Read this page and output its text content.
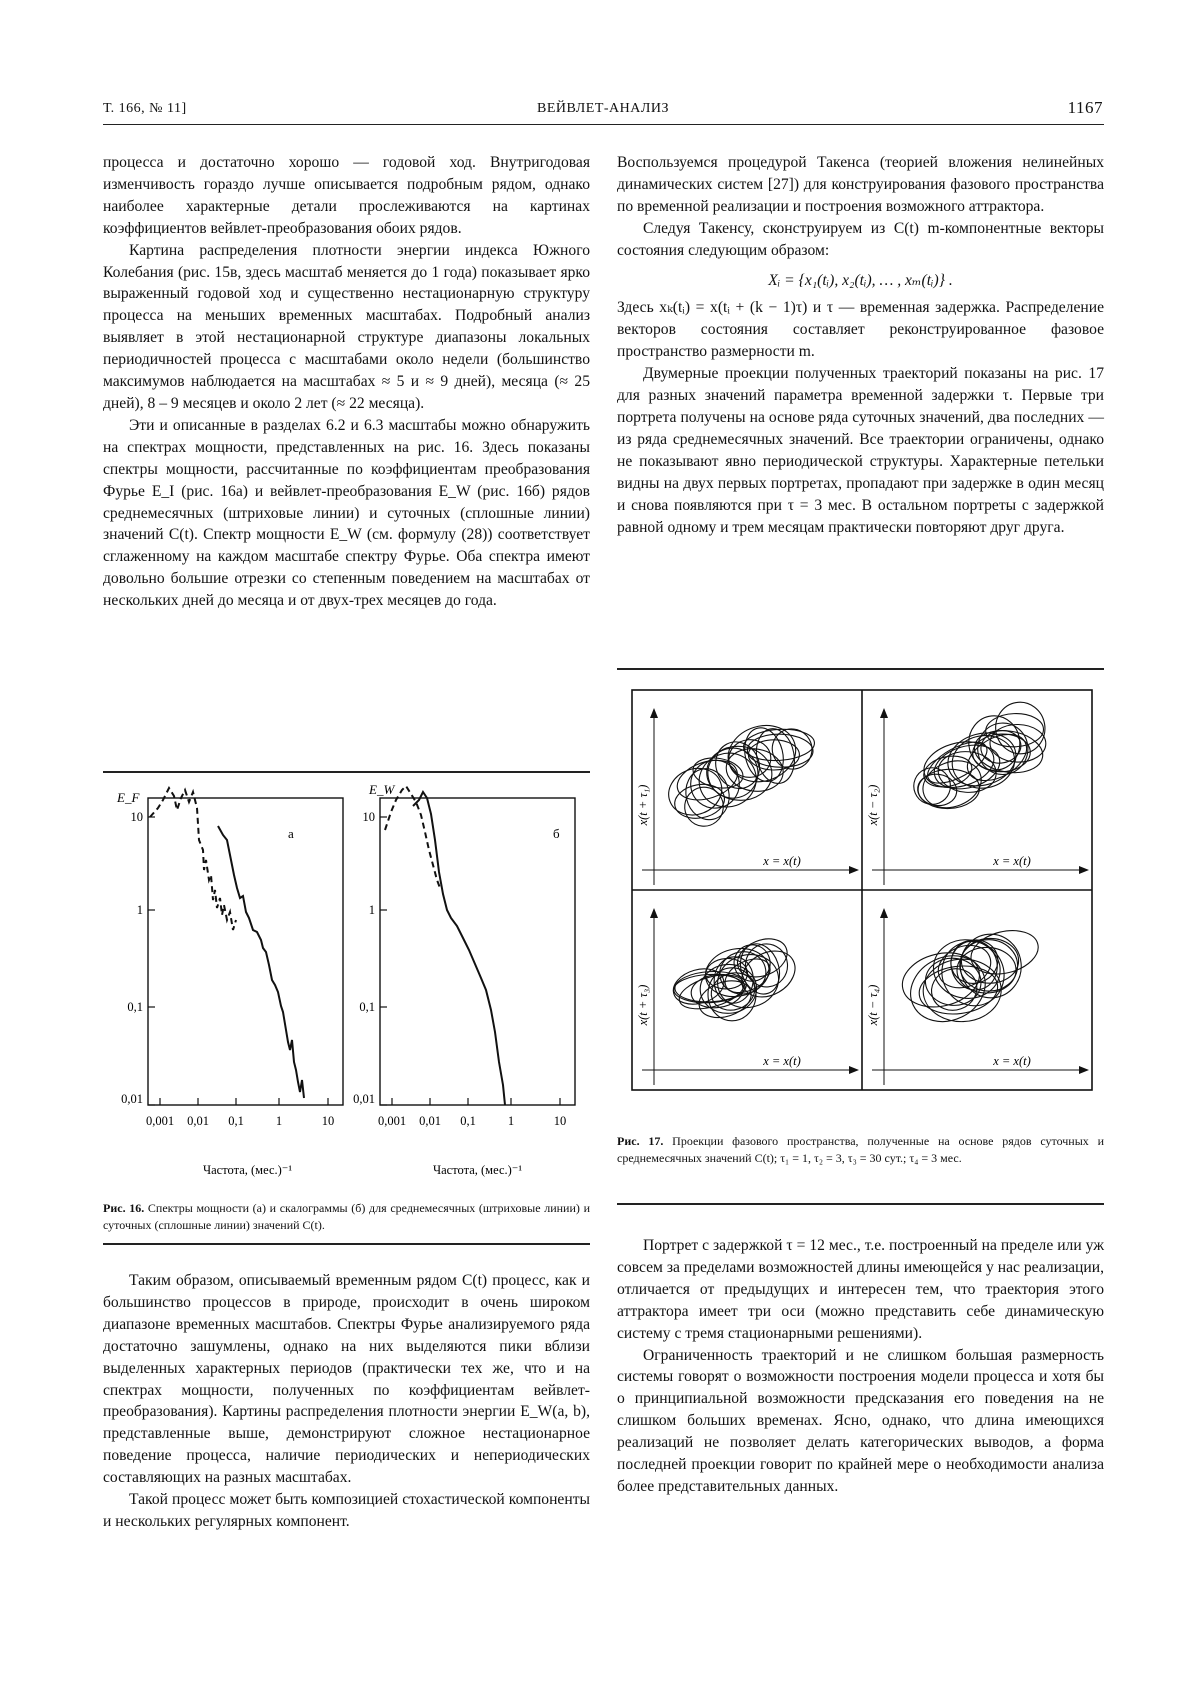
Т. 166, № 11]	ВЕЙВЛЕТ-АНАЛИЗ	1167

процесса и достаточно хорошо — годовой ход. Внутригодовая изменчивость гораздо лучше описывается подробным рядом, однако наиболее характерные детали прослеживаются на картинах коэффициентов вейвлет-преобразования обоих рядов.

Картина распределения плотности энергии индекса Южного Колебания (рис. 15в, здесь масштаб меняется до 1 года) показывает ярко выраженный годовой ход и существенно нестационарную структуру процесса на меньших временных масштабах. Подробный анализ выявляет в этой нестационарной структуре диапазоны локальных периодичностей процесса с масштабами около недели (большинство максимумов наблюдается на масштабах ≈ 5 и ≈ 9 дней), месяца (≈ 25 дней), 8 – 9 месяцев и около 2 лет (≈ 22 месяца).

Эти и описанные в разделах 6.2 и 6.3 масштабы можно обнаружить на спектрах мощности, представленных на рис. 16. Здесь показаны спектры мощности, рассчитанные по коэффициентам преобразования Фурье E_I (рис. 16а) и вейвлет-преобразования E_W (рис. 16б) рядов среднемесячных (штриховые линии) и суточных (сплошные линии) значений C(t). Спектр мощности E_W (см. формулу (28)) соответствует сглаженному на каждом масштабе спектру Фурье. Оба спектра имеют довольно большие отрезки со степенным поведением на масштабах от нескольких дней до месяца и от двух-трех месяцев до года.

Воспользуемся процедурой Такенса (теорией вложения нелинейных динамических систем [27]) для конструирования фазового пространства по временной реализации и построения возможного аттрактора.

Следуя Такенсу, сконструируем из C(t) m-компонентные векторы состояния следующим образом:

Xᵢ = {x₁(tᵢ), x₂(tᵢ), … , xₘ(tᵢ)} .

Здесь xₖ(tᵢ) = x(tᵢ + (k − 1)τ) и τ — временная задержка. Распределение векторов состояния составляет реконструированное фазовое пространство размерности m.

Двумерные проекции полученных траекторий показаны на рис. 17 для разных значений параметра временной задержки τ. Первые три портрета получены на основе ряда суточных значений, два последних — из ряда среднемесячных значений. Все траектории ограничены, однако не показывают явно периодической структуры. Характерные петельки видны на двух первых портретах, пропадают при задержке в один месяц и снова появляются при τ = 3 мес. В остальном портреты с задержкой равной одному и трем месяцам практически повторяют друг друга.

E_F
а
Частота, (мес.)⁻¹
0,001 0,01 0,1	1	10
0,01
0,1
1
10
E_W
б
Частота, (мес.)⁻¹
0,001 0,01 0,1	1	10
0,01
0,1
1
10
Рис. 16. Спектры мощности (а) и скалограммы (б) для среднемесячных (штриховые линии) и суточных (сплошные линии) значений C(t).
x(t + τ₁)
x = x(t)
x(t − τ₂)
x = x(t)
x(t + τ₃)
x = x(t)
x(t − τ₄)
x = x(t)
Рис. 17. Проекции фазового пространства, полученные на основе рядов суточных и среднемесячных значений C(t); τ₁ = 1, τ₂ = 3, τ₃ = 30 сут.; τ₄ = 3 мес.

Таким образом, описываемый временным рядом C(t) процесс, как и большинство процессов в природе, происходит в очень широком диапазоне временных масштабов. Спектры Фурье анализируемого ряда достаточно зашумлены, однако на них выделяются пики вблизи выделенных характерных периодов (практически тех же, что и на спектрах мощности, полученных по коэффициентам вейвлет-преобразования). Картины распределения плотности энергии E_W(a, b), представленные выше, демонстрируют сложное нестационарное поведение процесса, наличие периодических и непериодических составляющих на разных масштабах.

Такой процесс может быть композицией стохастической компоненты и нескольких регулярных компонент.

Портрет с задержкой τ = 12 мес., т.е. построенный на пределе или уж совсем за пределами возможностей длины имеющейся у нас реализации, отличается от предыдущих и интересен тем, что траектория этого аттрактора имеет три оси (можно представить себе динамическую систему с тремя стационарными решениями).

Ограниченность траекторий и не слишком большая размерность системы говорят о возможности построения модели процесса и хотя бы о принципиальной возможности предсказания его поведения на не слишком больших временах. Ясно, однако, что длина имеющихся реализаций не позволяет делать категорических выводов, а форма последней проекции говорит по крайней мере о необходимости анализа более представительных данных.
